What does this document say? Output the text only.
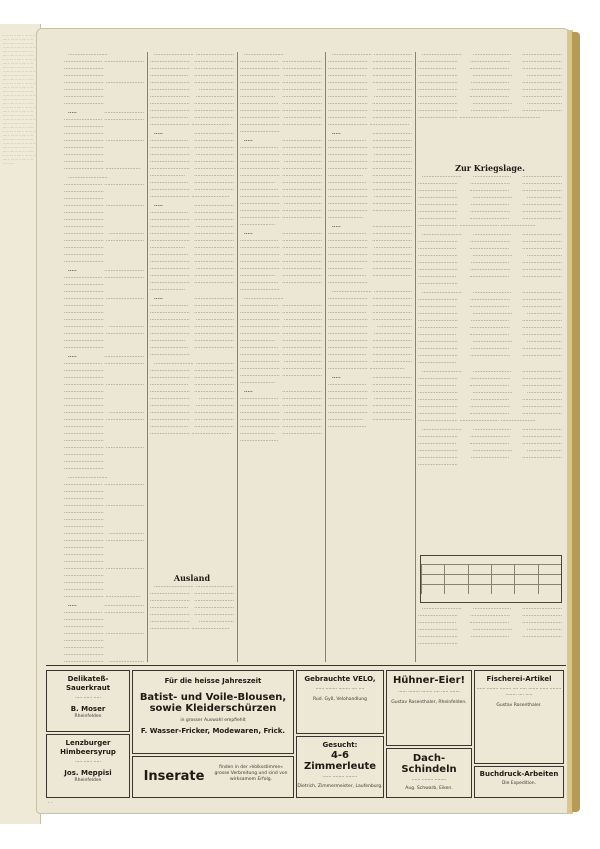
·· ··· ··· ·· ···· ·· ··· ··· ·· ···· ·· ··· ··· ·· ···· ·· ··· ··· ·· ···· ·· ··· ··· ·· ···· ·· ··· ··· ·· ···· ·· ··· ··· ·· ···· ·· ··· ··· ·· ···· ·· ··· ··· ·· ···· ·· ··· ··· ·· ···· ·· ··· ··· ·· ···· ·· ··· ··· ·· ···· ·· ··· ··· ·· ···· ·· ··· ··· ·· ···· ·· ··· ··· ·· ···· ·· ··· ··· ·· ···· ·· ··· ··· ·· ···· ·· ··· ··· ·· ···· ·· ··· ··· ·· ···· ·· ··· ··· ·· ···· ·· ··· ··· ·· ···· ·· ··· ··· ·· ···· ·· ··· ··· ·· ···· ·· ··· ··· ·· ···· ·· ··· ··· ·· ···· ·· ··· ··· ·· ···· ·· ··· ··· ·· ···· ·· ··· ··· ·· ···· ·· ··· ··· ·· ···· ·· ··· ··· ·· ···· ·· ··· ··· ·· ···· ·· ··· ··· ·· ···· ·· ··· ··· ·· ···· ·· ··· ··· ·· ···· ·· ··· ··· ·· ···· ·· ··· ··· ·· ···· ·· ··· ··· ·· ···· ·· ··· ··· ·· ···· ·· ··· ··· ·· ···· ·· ··· ··· ·· ···· ·· ··· ··· ·· ···· ·· ··· ··· ·· ···· ·· ··· ··· ·· ···· ·· ··· ··· ·· ···· ·· ··· ··· ·· ···· ·· ··· ··· ·· ···· ·· ··· ··· ·· ···· ·· ··· ··· ·· ···· ·· ··· ··· ·· ···· ·· ··· ··· ·· ···· ·· ··· ··· ·· ···· ·· ··· ··· ·· ···· ·· ··· ··· ·· ···· ·· ··· ··· ·· ····

························· ························ ························· ························· ························· ························· ························ ························· ························· ·························

····· ························· ························ ························· ························· ························· ························· ························ ························· ························· ························· ························· ······················

························· ························ ························· ························· ························· ························· ························ ························· ························· ························· ························· ······················ ························· ························ ························· ························· ·························

····· ························· ························ ························· ························· ························· ························· ························ ························· ························· ························· ························· ······················ ························· ························ ························· ·························

····· ························· ························ ························· ························· ························· ························· ························ ························· ························· ························· ························· ······················ ························· ························ ························· ························· ························· ························· ························ ························· ························· ·························

························· ························ ························· ························· ························· ························· ························ ························· ························· ························· ························· ······················ ························· ························ ························· ························· ························· ························· ························ ························· ························· ························· ························· ······················

·····	························· ························ ························· ························· ························· ························· ························ ························· ························· ························· ························· ······················

························· ························ ························· ························· ························· ························· ························ ························· ························· ························· ························· ······················ ························· ························ ························· ························· ························· ························· ························ ························· ························· ·························

····· ························· ························ ························· ························· ························· ························· ························ ························· ························· ························· ························· ······················ ························· ························ ························· ························· ························· ························· ························

····· ························· ························ ························· ························· ························· ························· ························ ························· ························· ························· ························· ······················ ························· ························ ························· ························· ························· ························· ························ ························· ························· ························· ························· ······················

····· ························· ························ ························· ························· ························· ························· ························ ························· ························· ························· ························· ······················ ························· ························ ························· ·························

························· ························ ························· ························· ························· ························· ························ ························· ························· ························· ························· ······················ ························· ························ ························· ························· ························· ························· ························ ························· ························· ·························

Ausland

························· ························ ························· ························· ························· ························· ························ ························· ························· ························· ························· ······················ ························· ························

························· ························ ························· ························· ························· ························· ························ ························· ························· ························· ························· ······················ ························· ························ ························· ························· ························· ························· ························ ························· ························· ·························

····· ························· ························ ························· ························· ························· ························· ························ ························· ························· ························· ························· ······················ ························· ························ ························· ························· ························· ························· ························ ························· ························· ························· ························· ······················

····· ························· ························ ························· ························· ························· ························· ························ ························· ························· ························· ························· ······················ ························· ························ ························· ·························

························· ························ ························· ························· ························· ························· ························ ························· ························· ························· ························· ······················ ························· ························ ························· ························· ························· ························· ························ ························· ························· ························· ························· ······················

····· ························· ························ ························· ························· ························· ························· ························ ························· ························· ························· ························· ······················ ························· ························

························· ························ ························· ························· ························· ························· ························ ························· ························· ························· ························· ······················ ························· ························ ························· ························· ························· ························· ························ ························· ························· ·························

····· ························· ························ ························· ························· ························· ························· ························ ························· ························· ························· ························· ······················ ························· ························ ························· ························· ························· ························· ························ ························· ························· ························· ························· ······················

····· ························· ························ ························· ························· ························· ························· ························ ························· ························· ························· ························· ······················ ························· ························ ························· ·························

························· ························ ························· ························· ························· ························· ························ ························· ························· ························· ························· ······················ ························· ························ ························· ························· ························· ························· ························ ························· ························· ························· ························· ······················

····· ························· ························ ························· ························· ························· ························· ························ ························· ························· ························· ························· ······················ ························· ························

························· ························ ························· ························· ························· ························· ························ ························· ························· ························· ························· ······················ ························· ························ ························· ························· ························· ························· ························ ························· ························· ························· ························· ······················ ························· ························ ························· ························· ························· ·························

Zur Kriegslage.

························· ························ ························· ························· ························· ························· ························ ························· ························· ························· ························· ······················ ························· ························ ························· ························· ························· ························· ························ ························· ························· ························· ························· ······················

························· ························ ························· ························· ························· ························· ························ ························· ························· ························· ························· ······················ ························· ························ ························· ························· ························· ························· ························ ························· ························· ·························

························· ························ ························· ························· ························· ························· ························ ························· ························· ························· ························· ······················ ························· ························ ························· ························· ························· ························· ························ ························· ························· ························· ························· ······················ ························· ························ ························· ························· ························· ························· ························

························· ························ ························· ························· ························· ························· ························ ························· ························· ························· ························· ······················ ························· ························ ························· ························· ························· ························· ························ ························· ························· ························· ························· ······················

························· ························ ························· ························· ························· ························· ························ ························· ························· ························· ························· ······················ ························· ························ ························· ·························

························· ························ ························· ························· ························· ························· ························ ························· ························· ························· ························· ······················ ························· ························ ························· ·························

Delikateß-Sauerkraut
····· ······ ·····
B. Moser
Rheinfelden
Lenzburger Himbeersyrup
····· ······ ·····
Jos. Meppisi
Rheinfelden
Für die heisse Jahreszeit
Batist- und Voile-Blousen,
sowie Kleiderschürzen
in grosser Auswahl empfiehlt
F. Wasser-Fricker, Modewaren, Frick.
Inserate
finden in der »Volksstimme« grosse Verbreitung und sind von wirksamem Erfolg.
Gebrauchte VELO,
······ ········ ········ ···· ····
Rud. Gyß, Velohandlung
Gesucht:
4-6 Zimmerleute
······ ········ ········
Dietrich, Zimmermeister, Laufenburg.
Hühner-Eier!
······ ········ ········ ···· ····· ·······
Gustav Rosenthaler, Rheinfelden.
Dach-Schindeln
······ ········ ········
Aug. Schwarb, Eiken.
Fischerei-Artikel
······ ········ ········ ···· ····· ······· ······ ········ ········ ···· ·····
Gustav Rosenthaler.
Buchdruck-Arbeiten
Die Expedition.
· ·
